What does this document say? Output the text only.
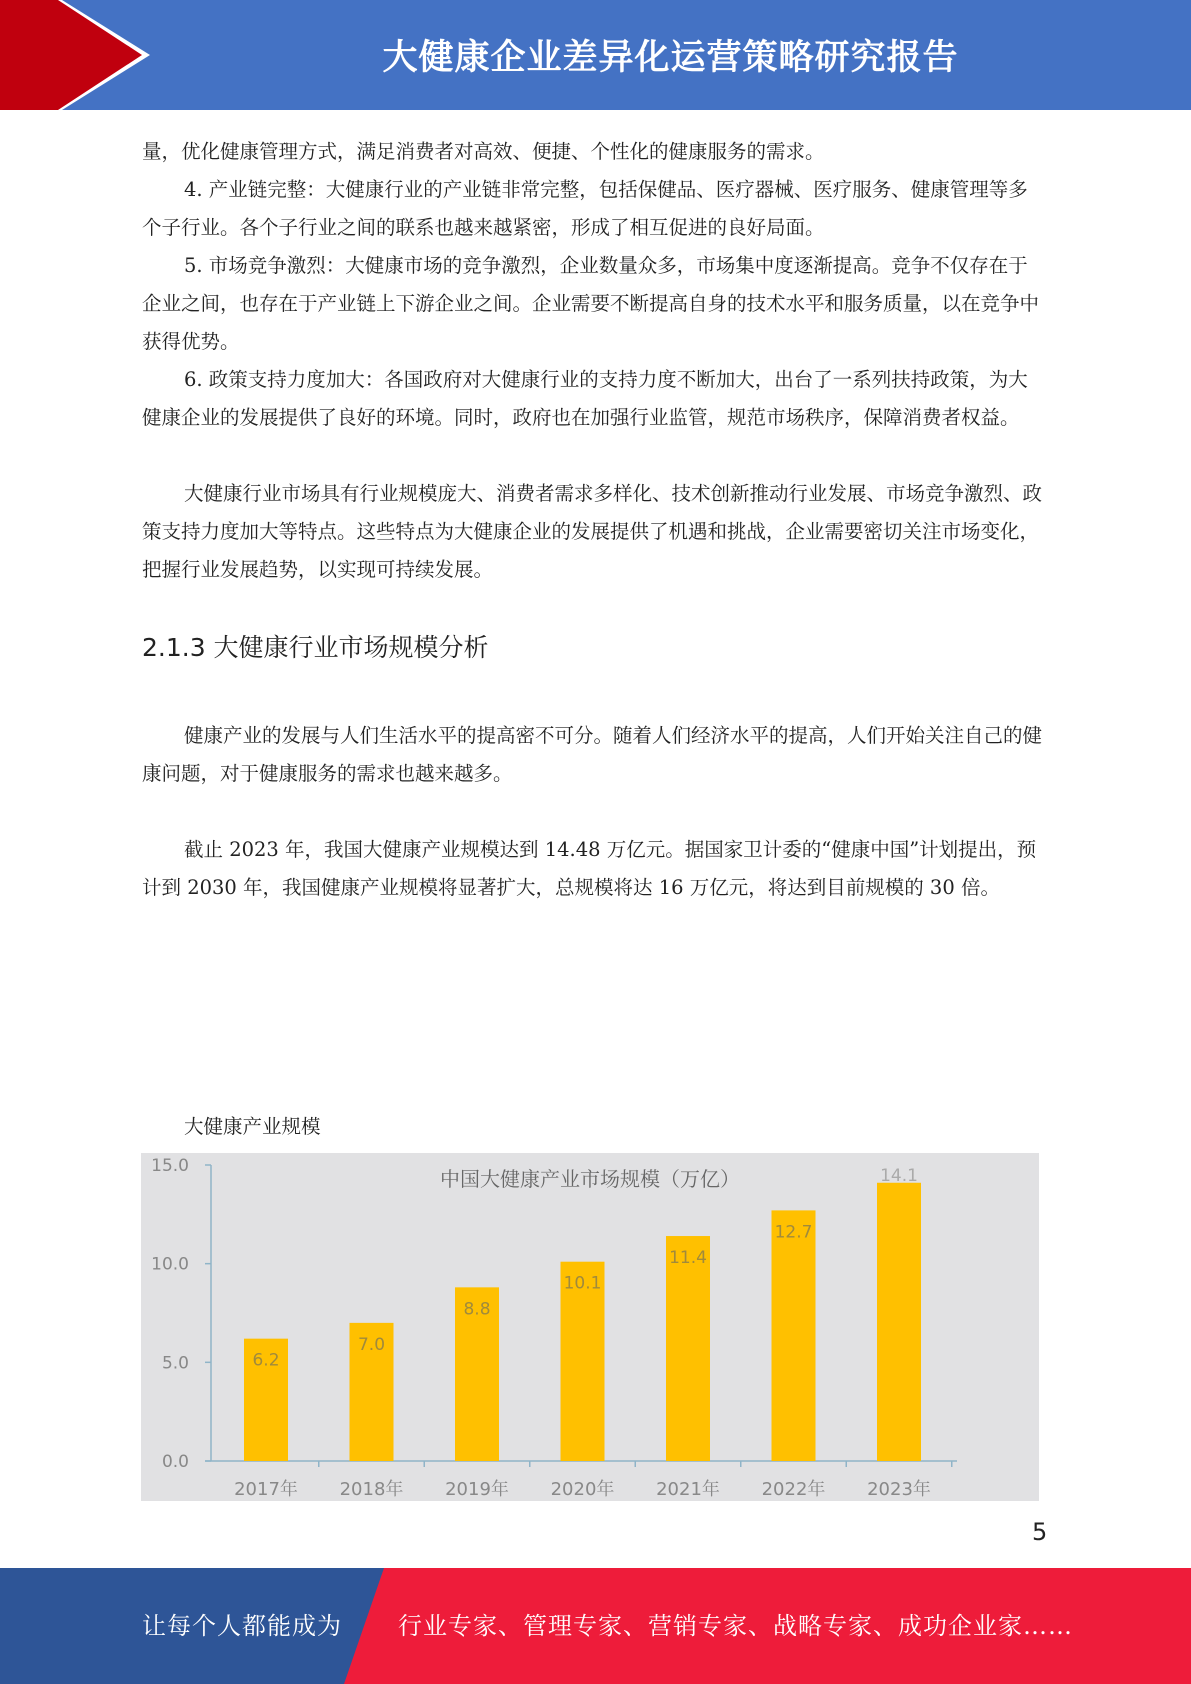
大健康企业差异化运营策略研究报告

量，优化健康管理方式，满足消费者对高效、便捷、个性化的健康服务的需求。

4. 产业链完整：大健康行业的产业链非常完整，包括保健品、医疗器械、医疗服务、健康管理等多个子行业。各个子行业之间的联系也越来越紧密，形成了相互促进的良好局面。

5. 市场竞争激烈：大健康市场的竞争激烈，企业数量众多，市场集中度逐渐提高。竞争不仅存在于企业之间，也存在于产业链上下游企业之间。企业需要不断提高自身的技术水平和服务质量，以在竞争中获得优势。

6. 政策支持力度加大：各国政府对大健康行业的支持力度不断加大，出台了一系列扶持政策，为大健康企业的发展提供了良好的环境。同时，政府也在加强行业监管，规范市场秩序，保障消费者权益。

大健康行业市场具有行业规模庞大、消费者需求多样化、技术创新推动行业发展、市场竞争激烈、政策支持力度加大等特点。这些特点为大健康企业的发展提供了机遇和挑战，企业需要密切关注市场变化，把握行业发展趋势，以实现可持续发展。

2.1.3 大健康行业市场规模分析

健康产业的发展与人们生活水平的提高密不可分。随着人们经济水平的提高，人们开始关注自己的健康问题，对于健康服务的需求也越来越多。

截止 2023 年，我国大健康产业规模达到 14.48 万亿元。据国家卫计委的“健康中国”计划提出，预计到 2030 年，我国健康产业规模将显著扩大，总规模将达 16 万亿元，将达到目前规模的 30 倍。

大健康产业规模
中国大健康产业市场规模（万亿）
0.0
5.0
10.0
15.0
6.2
2017年
7.0
2018年
8.8
2019年
10.1
2020年
11.4
2021年
12.7
2022年
14.1
2023年
5
让每个人都能成为 行业专家、管理专家、营销专家、战略专家、成功企业家……
